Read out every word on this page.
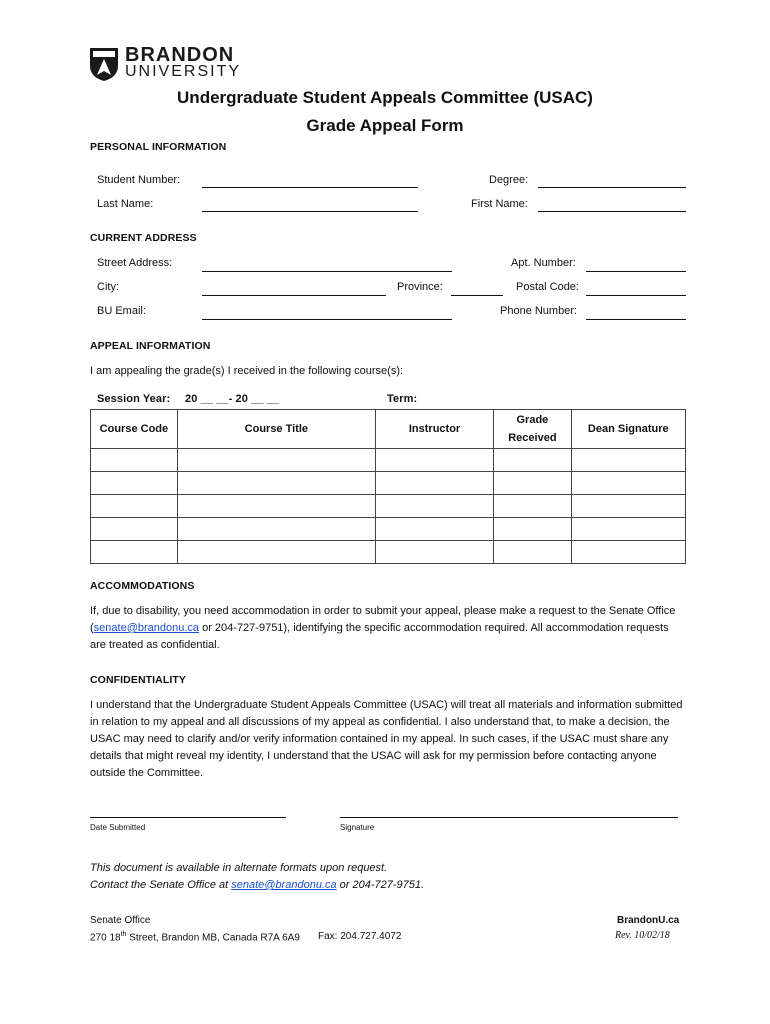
BRANDON
UNIVERSITY
Undergraduate Student Appeals Committee (USAC)
Grade Appeal Form
PERSONAL INFORMATION
Student Number:	Degree:
Last Name:	First Name:
CURRENT ADDRESS
Street Address:	Apt. Number:
City:	Province:	Postal Code:
BU Email:	Phone Number:
APPEAL INFORMATION
I am appealing the grade(s) I received in the following course(s):
Session Year: 20 __ __- 20 __ __	Term:
Course Code	Course Title	Instructor	Grade Received	Dean Signature

ACCOMMODATIONS
If, due to disability, you need accommodation in order to submit your appeal, please make a request to the Senate Office (senate@brandonu.ca or 204-727-9751), identifying the specific accommodation required. All accommodation requests are treated as confidential.
CONFIDENTIALITY
I understand that the Undergraduate Student Appeals Committee (USAC) will treat all materials and information submitted in relation to my appeal and all discussions of my appeal as confidential. I also understand that, to make a decision, the USAC may need to clarify and/or verify information contained in my appeal. In such cases, if the USAC must share any details that might reveal my identity, I understand that the USAC will ask for my permission before contacting anyone outside the Committee.
Date Submitted	Signature
This document is available in alternate formats upon request.
Contact the Senate Office at senate@brandonu.ca or 204-727-9751.
Senate Office
270 18th Street, Brandon MB, Canada R7A 6A9 Fax: 204.727.4072
BrandonU.ca
Rev. 10/02/18
